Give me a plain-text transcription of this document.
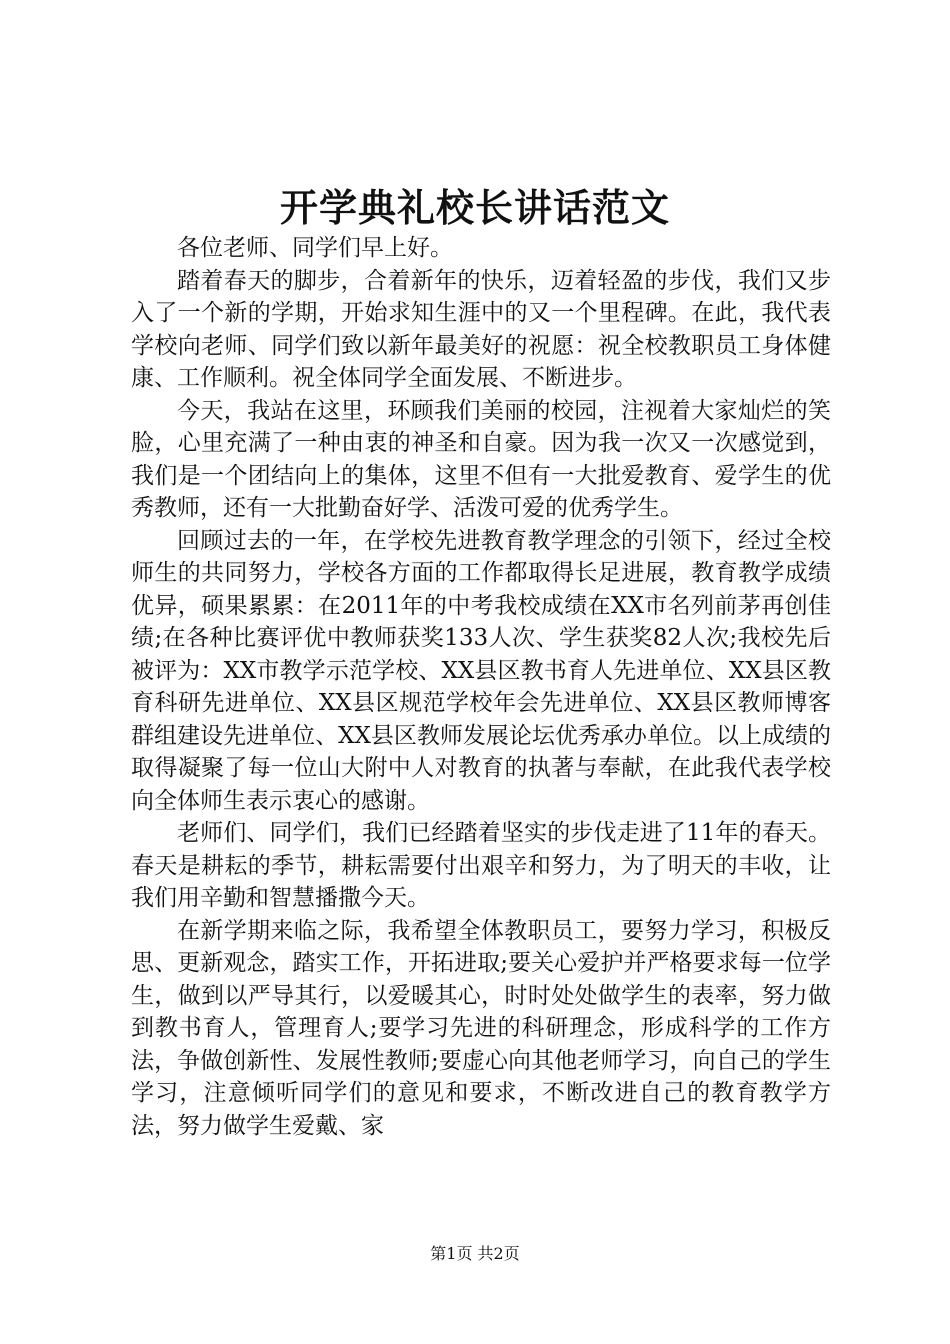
开学典礼校长讲话范文

各位老师、同学们早上好。

踏着春天的脚步，合着新年的快乐，迈着轻盈的步伐，我们又步入了一个新的学期，开始求知生涯中的又一个里程碑。在此，我代表学校向老师、同学们致以新年最美好的祝愿：祝全校教职员工身体健康、工作顺利。祝全体同学全面发展、不断进步。

今天，我站在这里，环顾我们美丽的校园，注视着大家灿烂的笑脸，心里充满了一种由衷的神圣和自豪。因为我一次又一次感觉到，我们是一个团结向上的集体，这里不但有一大批爱教育、爱学生的优秀教师，还有一大批勤奋好学、活泼可爱的优秀学生。

回顾过去的一年，在学校先进教育教学理念的引领下，经过全校师生的共同努力，学校各方面的工作都取得长足进展，教育教学成绩优异，硕果累累：在2011年的中考我校成绩在XX市名列前茅再创佳绩;在各种比赛评优中教师获奖133人次、学生获奖82人次;我校先后被评为：XX市教学示范学校、XX县区教书育人先进单位、XX县区教育科研先进单位、XX县区规范学校年会先进单位、XX县区教师博客群组建设先进单位、XX县区教师发展论坛优秀承办单位。以上成绩的取得凝聚了每一位山大附中人对教育的执著与奉献，在此我代表学校向全体师生表示衷心的感谢。

老师们、同学们，我们已经踏着坚实的步伐走进了11年的春天。春天是耕耘的季节，耕耘需要付出艰辛和努力，为了明天的丰收，让我们用辛勤和智慧播撒今天。

在新学期来临之际，我希望全体教职员工，要努力学习，积极反思、更新观念，踏实工作，开拓进取;要关心爱护并严格要求每一位学生，做到以严导其行，以爱暖其心，时时处处做学生的表率，努力做到教书育人，管理育人;要学习先进的科研理念，形成科学的工作方法，争做创新性、发展性教师;要虚心向其他老师学习，向自己的学生学习，注意倾听同学们的意见和要求，不断改进自己的教育教学方法，努力做学生爱戴、家

第1页 共2页
